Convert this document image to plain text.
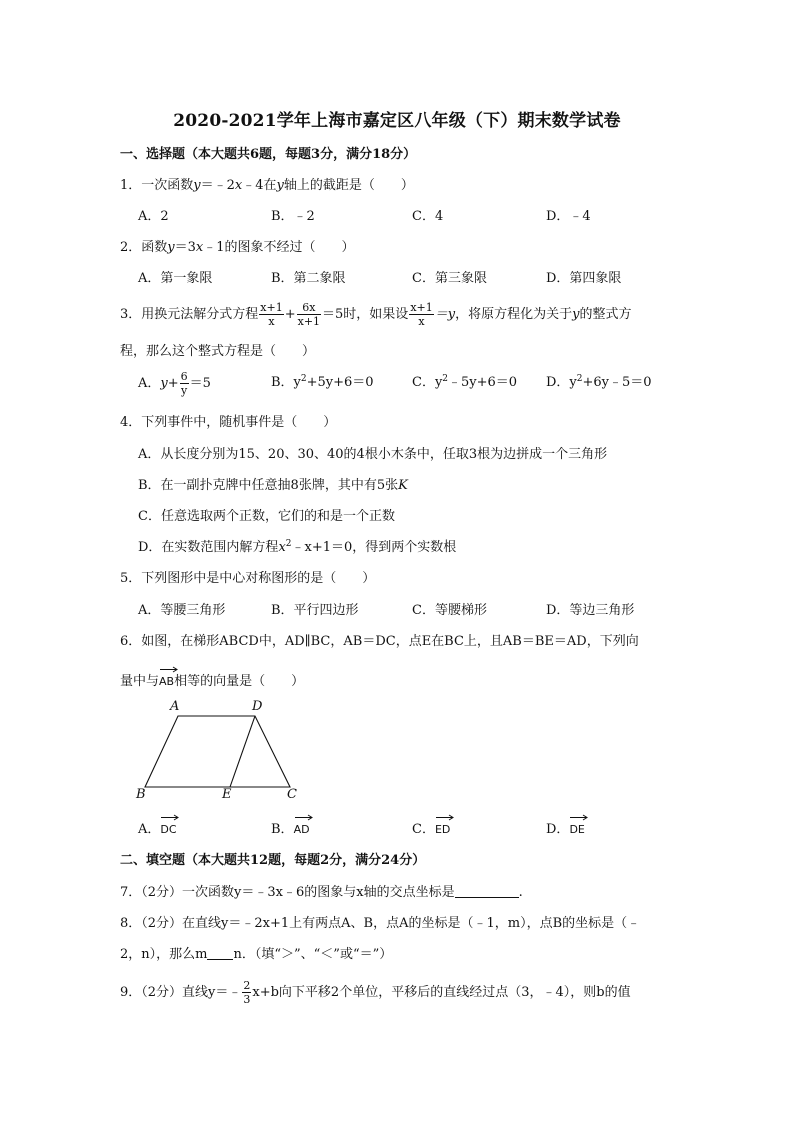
2020-2021学年上海市嘉定区八年级（下）期末数学试卷
一、选择题（本大题共6题，每题3分，满分18分）
1．一次函数y＝﹣2x﹣4在y轴上的截距是（　　）
A．2	B．﹣2	C．4	D．﹣4
2．函数y＝3x﹣1的图象不经过（　　）
A．第一象限	B．第二象限	C．第三象限	D．第四象限
3．用换元法解分式方程 $\frac{x+1}{x} + \frac{6x}{x+1} =5$时，如果设 $\frac{x+1}{x} =y$，将原方程化为关于y的整式方
程，那么这个整式方程是（　　）
A．$y+ \frac{6}{y} =5$	B．$y^2+5y+6=0$	C．$y^2﹣5y+6=0$ D．$y^2+6y﹣5=0$
4．下列事件中，随机事件是（　　）
A．从长度分别为15、20、30、40的4根小木条中，任取3根为边拼成一个三角形
B．在一副扑克牌中任意抽8张牌，其中有5张K
C．任意选取两个正数，它们的和是一个正数
D．在实数范围内解方程$x^2﹣x+1=0$，得到两个实数根
5．下列图形中是中心对称图形的是（　　）
A．等腰三角形	B．平行四边形	C．等腰梯形	D．等边三角形
6．如图，在梯形ABCD中，AD∥BC，AB＝DC，点E在BC上，且AB＝BE＝AD，下列向
量中与
AB相等的向量是（　　）
A	D
B	E	C
A．
DC	B．
AD	C．
ED	D．
DE
二、填空题（本大题共12题，每题2分，满分24分）
7．（2分）一次函数y＝﹣3x﹣6的图象与x轴的交点坐标是	.
8．（2分）在直线y＝﹣2x+1上有两点A、B，点A的坐标是（﹣1，m），点B的坐标是（﹣
2，n），那么m n．（填“＞”、“＜”或“＝”）
9．（2分）直线y＝﹣ $\frac{2}{3} x+b$向下平移2个单位，平移后的直线经过点（3，﹣4），则b的值
